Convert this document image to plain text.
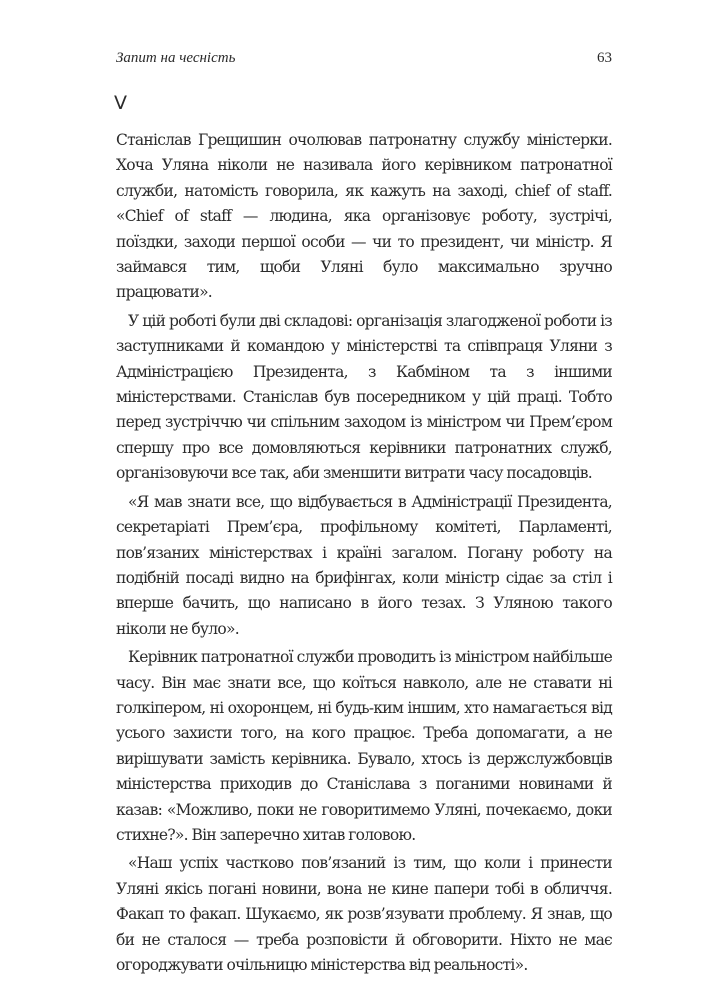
Запит на чесність	63
V

Станіслав Грещишин очолював патронатну службу міністерки. Хоча Уляна ніколи не називала його керівником патронатної служби, натомість говорила, як кажуть на заході, chief of staff. «Chief of staff — людина, яка організовує роботу, зустрічі, поїздки, заходи першої особи — чи то президент, чи міністр. Я займався тим, щоби Уляні було максимально зручно працювати».

У цій роботі були дві складові: організація злагодженої роботи із заступниками й командою у міністерстві та співпраця Уляни з Адміністрацією Президента, з Кабміном та з іншими міністерствами. Станіслав був посередником у цій праці. Тобто перед зустріччю чи спільним заходом із міністром чи Прем’єром спершу про все домовляються керівники патронатних служб, організовуючи все так, аби зменшити витрати часу посадовців.

«Я мав знати все, що відбувається в Адміністрації Президента, секретаріаті Прем’єра, профільному комітеті, Парламенті, пов’язаних міністерствах і країні загалом. Погану роботу на подібній посаді видно на брифінгах, коли міністр сідає за стіл і вперше бачить, що написано в його тезах. З Уляною такого ніколи не було».

Керівник патронатної служби проводить із міністром найбільше часу. Він має знати все, що коїться навколо, але не ставати ні голкіпером, ні охоронцем, ні будь-ким іншим, хто намагається від усього захисти того, на кого працює. Треба допомагати, а не вирішувати замість керівника. Бувало, хтось із держслужбовців міністерства приходив до Станіслава з поганими новинами й казав: «Можливо, поки не говоритимемо Уляні, почекаємо, доки стихне?». Він заперечно хитав головою.

«Наш успіх частково пов’язаний із тим, що коли і принести Уляні якісь погані новини, вона не кине папери тобі в обличчя. Факап то факап. Шукаємо, як розв’язувати проблему. Я знав, що би не сталося — треба розповісти й обговорити. Ніхто не має огороджувати очільницю міністерства від реальності».
